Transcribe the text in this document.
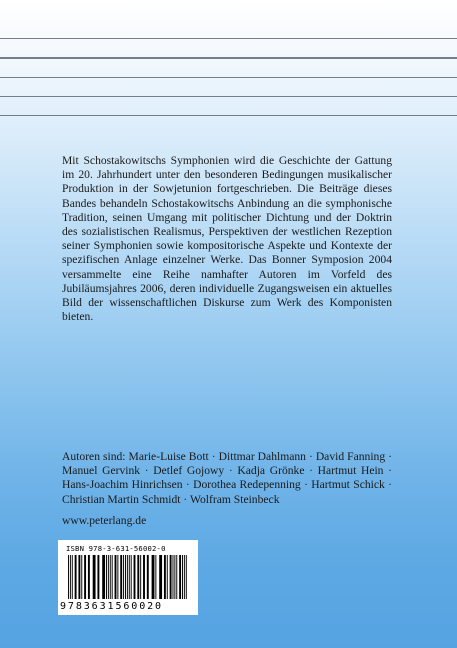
Mit Schostakowitschs Symphonien wird die Geschichte der Gattung im 20. Jahrhundert unter den besonderen Bedingungen musikalischer Produktion in der Sowjetunion fortgeschrieben. Die Beiträge dieses Bandes behandeln Schostakowitschs Anbindung an die symphonische Tradition, seinen Umgang mit politischer Dichtung und der Doktrin des sozialistischen Realismus, Perspektiven der westlichen Rezeption seiner Symphonien sowie kompositorische Aspekte und Kontexte der spezifischen Anlage einzelner Werke. Das Bonner Symposion 2004 versammelte eine Reihe namhafter Autoren im Vorfeld des Jubiläumsjahres 2006, deren individuelle Zugangsweisen ein aktuelles Bild der wissenschaftlichen Diskurse zum Werk des Komponisten bieten.

Autoren sind: Marie-Luise Bott · Dittmar Dahlmann · David Fanning · Manuel Gervink · Detlef Gojowy · Kadja Grönke · Hartmut Hein · Hans-Joachim Hinrichsen · Dorothea Redepenning · Hartmut Schick · Christian Martin Schmidt · Wolfram Steinbeck

www.peterlang.de
ISBN 978-3-631-56002-0
9783631560020
